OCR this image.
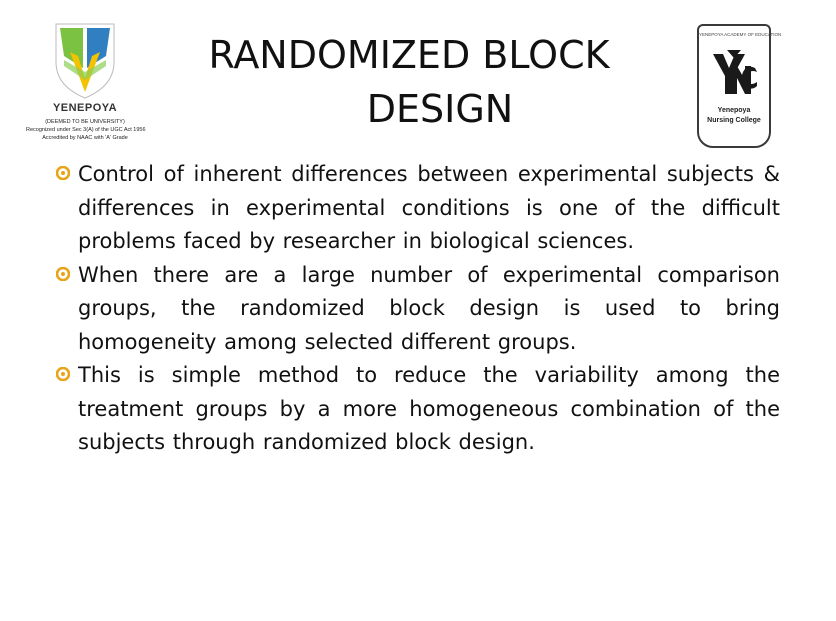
YENEPOYA
(DEEMED TO BE UNIVERSITY)
Recognized under Sec 3(A) of the UGC Act 1956
Accredited by NAAC with 'A' Grade
RANDOMIZED BLOCK
DESIGN
YENEPOYA ACADEMY OF EDUCATION
Yenepoya
Nursing College
Control of inherent differences between experimental subjects & differences in experimental conditions is one of the difficult problems faced by researcher in biological sciences.
When there are a large number of experimental comparison groups, the randomized block design is used to bring homogeneity among selected different groups.
This is simple method to reduce the variability among the treatment groups by a more homogeneous combination of the subjects through randomized block design.
